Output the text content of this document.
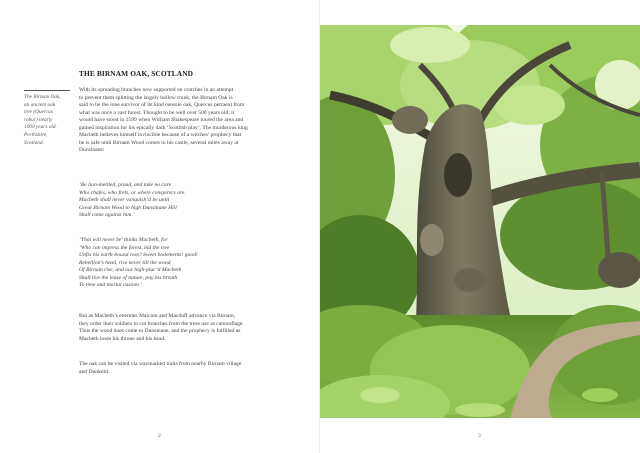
The Birnam Oak,
an ancient oak
tree (Quercus
robur) nearly
1000 years old.
Perthshire,
Scotland.
THE BIRNAM OAK, SCOTLAND
With its spreading branches now supported on crutches in an attempt
to prevent them splitting the largely hollow trunk, the Birnam Oak is
said to be the lone survivor of its kind (sessile oak, Quercus petraea) from
what was once a vast forest. Thought to be well over 500 years old, it
would have stood in 1599 when William Shakespeare toured the area and
gained inspiration for his epically dark ‘Scottish play’. The murderous king
Macbeth believes himself invincible because of a witches’ prophecy that
he is safe until Birnam Wood comes to his castle, several miles away at
Dunsinane:
‘Be lion-mettled, proud, and take no care
Who chafes, who frets, or where conspirers are.
Macbeth shall never vanquish’d be until
Great Birnam Wood to high Dunsinane Hill
Shall come against him.’
‘That will never be’ thinks Macbeth, for
‘Who can impress the forest, bid the tree
Unfix his earth-bound root? Sweet bodements! good!
Rebellion’s head, rise never till the wood
Of Birnam rise, and our high-plac’d Macbeth
Shall live the lease of nature, pay his breath
To time and mortal custom.’
But as Macbeth’s enemies Malcom and Macduff advance via Birnam,
they order their soldiers to cut branches from the trees use as camouflage.
Thus the wood does come to Dunsinane, and the prophecy is fulfilled as
Macbeth loses his throne and his head.
The oak can be visited via waymarked trails from nearby Birnam village
and Dunkeld.
2	3
